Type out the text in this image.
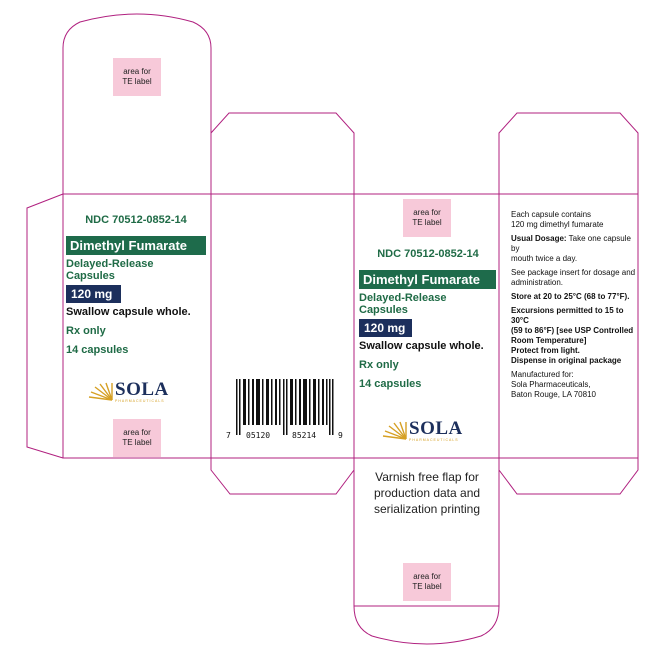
area for
TE label
area for
TE label
area for
TE label
area for
TE label
NDC 70512-0852-14
Dimethyl Fumarate
Delayed-Release
Capsules
120 mg
Swallow capsule whole.
Rx only
14 capsules
SOLA
PHARMACEUTICALS
7 05120	85214	9
NDC 70512-0852-14
Dimethyl Fumarate
Delayed-Release
Capsules
120 mg
Swallow capsule whole.
Rx only
14 capsules
SOLA
PHARMACEUTICALS

Each capsule contains
120 mg dimethyl fumarate

Usual Dosage: Take one capsule by
mouth twice a day.

See package insert for dosage and
administration.

Store at 20 to 25°C (68 to 77°F).

Excursions permitted to 15 to 30°C
(59 to 86°F) [see USP Controlled
Room Temperature]
Protect from light.
Dispense in original package

Manufactured for:
Sola Pharmaceuticals,
Baton Rouge, LA 70810

Varnish free flap for
production data and
serialization printing
